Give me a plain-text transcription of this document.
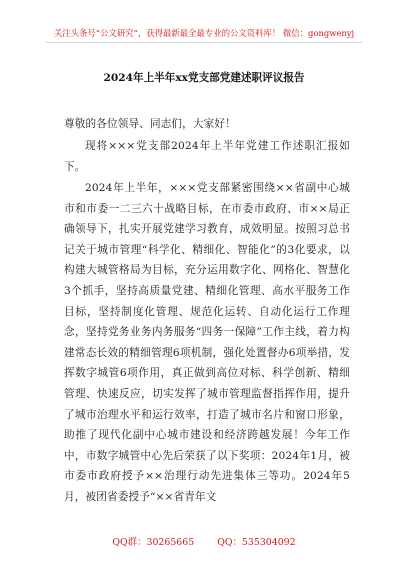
关注头条号“公文研究”，获得最新最全最专业的公文资料库！ 微信：gongwenyj
2024年上半年xx党支部党建述职评议报告
尊敬的各位领导、同志们，大家好！
现将×××党支部2024年上半年党建工作述职汇报如下。
2024年上半年，×××党支部紧密围绕××省副中心城市和市委一二三六十战略目标，在市委市政府、市××局正确领导下，扎实开展党建学习教育，成效明显。按照习总书记关于城市管理“科学化、精细化、智能化”的3化要求，以构建大城管格局为目标，充分运用数字化、网格化、智慧化3个抓手，坚持高质量党建、精细化管理、高水平服务工作目标，坚持制度化管理、规范化运转、自动化运行工作理念，坚持党务业务内务服务“四务一保障”工作主线，着力构建常态长效的精细管理6项机制，强化处置督办6项举措，发挥数字城管6项作用，真正做到高位对标、科学创新、精细管理、快速反应，切实发挥了城市管理监督指挥作用，提升了城市治理水平和运行效率，打造了城市名片和窗口形象，助推了现代化副中心城市建设和经济跨越发展！今年工作中，市数字城管中心先后荣获了以下奖项：2024年1月，被市委市政府授予××治理行动先进集体三等功。2024年5月，被团省委授予“××省青年文
QQ群：30265665 QQ：535304092
